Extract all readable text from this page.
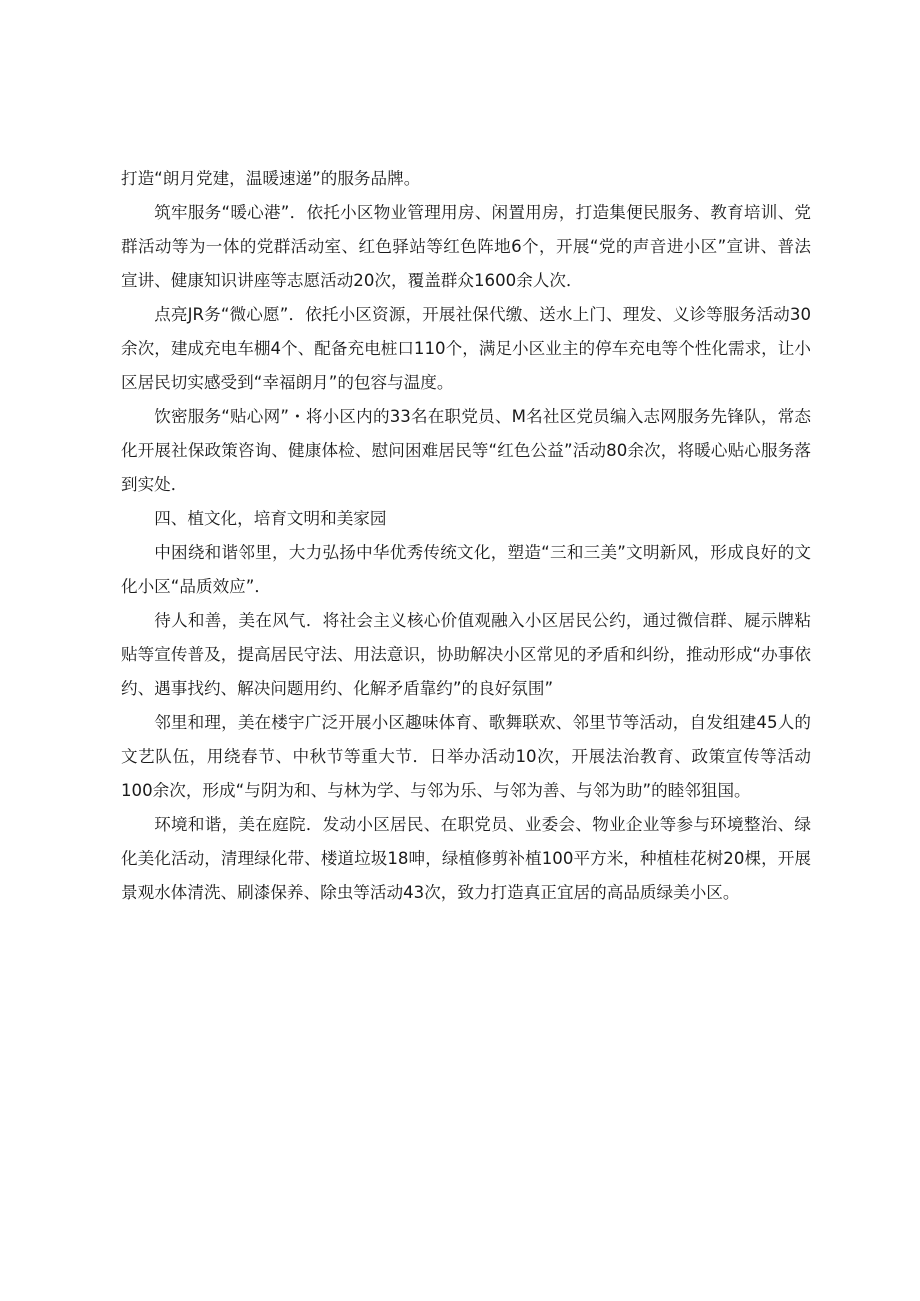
打造“朗月党建，温暖速递”的服务品牌。

筑牢服务“暖心港”．依托小区物业管理用房、闲置用房，打造集便民服务、教育培训、党群活动等为一体的党群活动室、红色驿站等红色阵地6个，开展“党的声音进小区”宣讲、普法宣讲、健康知识讲座等志愿活动20次，覆盖群众1600余人次．

点亮JR务“微心愿”．依托小区资源，开展社保代缴、送水上门、理发、义诊等服务活动30余次，建成充电车棚4个、配备充电桩口110个，满足小区业主的停车充电等个性化需求，让小区居民切实感受到“幸福朗月”的包容与温度。

饮密服务“贴心网”・将小区内的33名在职党员、M名社区党员编入志网服务先锋队，常态化开展社保政策咨询、健康体检、慰问困难居民等“红色公益”活动80余次，将暖心贴心服务落到实处．

四、植文化，培育文明和美家园

中困绕和谐邻里，大力弘扬中华优秀传统文化，塑造“三和三美”文明新风，形成良好的文化小区“品质效应”．

待人和善，美在风气．将社会主义核心价值观融入小区居民公约，通过微信群、屣示牌粘贴等宣传普及，提高居民守法、用法意识，协助解决小区常见的矛盾和纠纷，推动形成“办事依约、遇事找约、解决问题用约、化解矛盾靠约”的良好氛围”

邻里和理，美在楼宇广泛开展小区趣味体育、歌舞联欢、邻里节等活动，自发组建45人的文艺队伍，用绕春节、中秋节等重大节．日举办活动10次，开展法治教育、政策宣传等活动100余次，形成“与阴为和、与林为学、与邻为乐、与邻为善、与邻为助”的睦邻狙国。

环境和谐，美在庭院．发动小区居民、在职党员、业委会、物业企业等参与环境整治、绿化美化活动，清理绿化带、楼道垃圾18呻，绿植修剪补植100平方米，种植桂花树20棵，开展景观水体清洗、刷漆保养、除虫等活动43次，致力打造真正宜居的高品质绿美小区。
